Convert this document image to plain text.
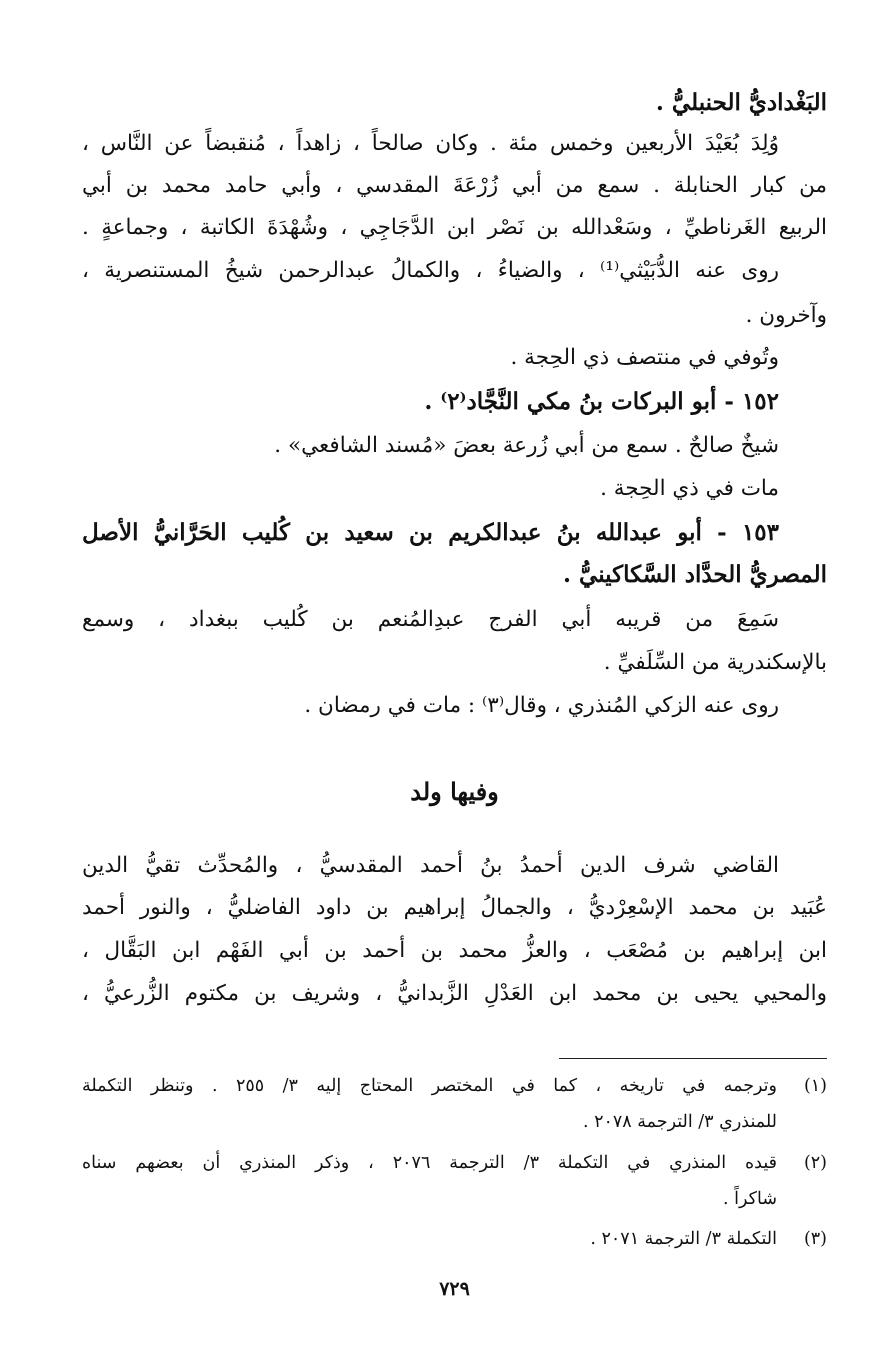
البَغْداديُّ الحنبليُّ .
وُلِدَ بُعَيْدَ الأربعين وخمس مئة . وكان صالحاً ، زاهداً ، مُنقبضاً عن النَّاس ،
من كبار الحنابلة . سمع من أبي زُرْعَةَ المقدسي ، وأبي حامد محمد بن أبي
الربيع الغَرناطيِّ ، وسَعْدالله بن نَصْر ابن الدَّجَاجِي ، وشُهْدَةَ الكاتبة ، وجماعةٍ .
روى عنه الدُّبَيْثي⁽¹⁾ ، والضياءُ ، والكمالُ عبدالرحمن شيخُ المستنصرية ،
وآخرون .
وتُوفي في منتصف ذي الحِجة .
١٥٢ - أبو البركات بنُ مكي النَّجَّاد⁽٢⁾ .
شيخٌ صالحٌ . سمع من أبي زُرعة بعضَ «مُسند الشافعي» .
مات في ذي الحِجة .
١٥٣ - أبو عبدالله بنُ عبدالكريم بن سعيد بن كُليب الحَرَّانيُّ الأصل
المصريُّ الحدَّاد السَّكاكينيُّ .
سَمِعَ من قريبه أبي الفرج عبدِالمُنعم بن كُليب ببغداد ، وسمع
بالإسكندرية من السِّلَفيِّ .
روى عنه الزكي المُنذري ، وقال⁽٣⁾ : مات في رمضان .
وفيها ولد
القاضي شرف الدين أحمدُ بنُ أحمد المقدسيُّ ، والمُحدِّث تقيُّ الدين
عُبَيد بن محمد الإسْعِرْديُّ ، والجمالُ إبراهيم بن داود الفاضليُّ ، والنور أحمد
ابن إبراهيم بن مُصْعَب ، والعزُّ محمد بن أحمد بن أبي الفَهْم ابن البَقَّال ،
والمحيي يحيى بن محمد ابن العَدْلِ الزَّبدانيُّ ، وشريف بن مكتوم الزُّرعيُّ ،
(١)
وترجمه في تاريخه ، كما في المختصر المحتاج إليه ٣/ ٢٥٥ . وتنظر التكملة
للمنذري ٣/ الترجمة ٢٠٧٨ .
(٢)
قيده المنذري في التكملة ٣/ الترجمة ٢٠٧٦ ، وذكر المنذري أن بعضهم سناه
شاكراً .
(٣)
التكملة ٣/ الترجمة ٢٠٧١ .
٧٢٩
